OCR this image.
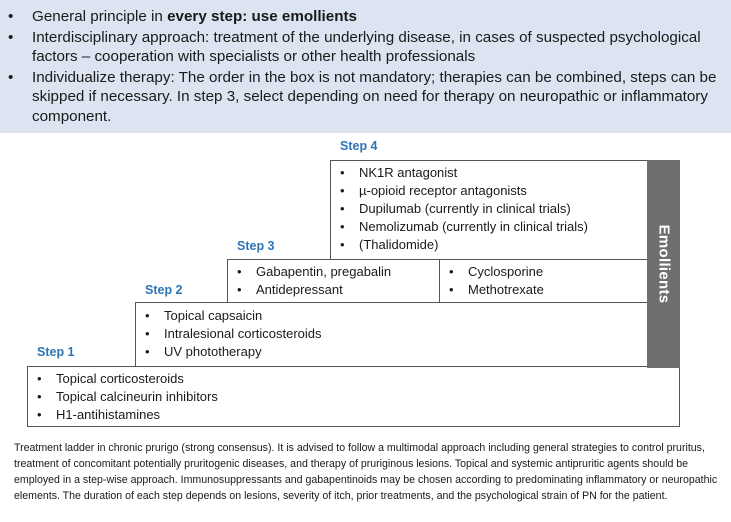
• General principle in every step: use emollients
• Interdisciplinary approach: treatment of the underlying disease, in cases of suspected psychological factors – cooperation with specialists or other health professionals
• Individualize therapy: The order in the box is not mandatory; therapies can be combined, steps can be skipped if necessary. In step 3, select depending on need for therapy on neuropathic or inflammatory component.
Step 4
Step 3
Step 2
Step 1
• NK1R antagonist
• µ-opioid receptor antagonists
• Dupilumab (currently in clinical trials)
• Nemolizumab (currently in clinical trials)
• (Thalidomide)
• Gabapentin, pregabalin
• Antidepressant
• Cyclosporine
• Methotrexate
• Topical capsaicin
• Intralesional corticosteroids
• UV phototherapy
• Topical corticosteroids
• Topical calcineurin inhibitors
• H1-antihistamines
Emollients
Treatment ladder in chronic prurigo (strong consensus). It is advised to follow a multimodal approach including general strategies to control pruritus, treatment of concomitant potentially pruritogenic diseases, and therapy of pruriginous lesions. Topical and systemic antipruritic agents should be employed in a step-wise approach. Immunosuppressants and gabapentinoids may be chosen according to predominating inflammatory or neuropathic elements. The duration of each step depends on lesions, severity of itch, prior treatments, and the psychological strain of PN for the patient.
